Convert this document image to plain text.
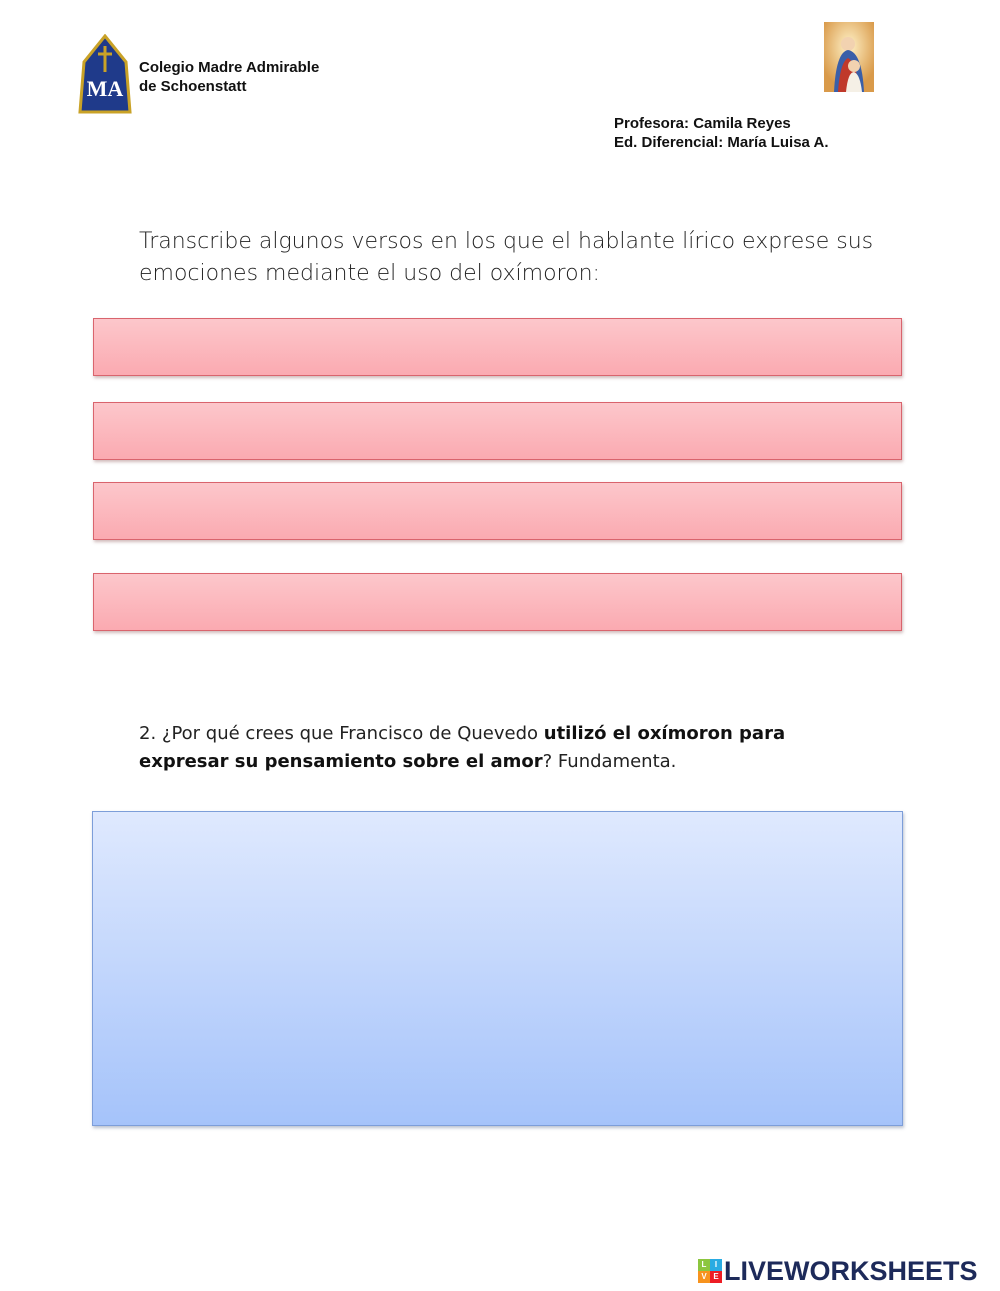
MA
Colegio Madre Admirable
de Schoenstatt
Profesora: Camila Reyes
Ed. Diferencial: María Luisa A.
Transcribe algunos versos en los que el hablante lírico exprese sus emociones mediante el uso del oxímoron:
2. ¿Por qué crees que Francisco de Quevedo utilizó el oxímoron para expresar su pensamiento sobre el amor? Fundamenta.
L	I
V E LIVEWORKSHEETS
